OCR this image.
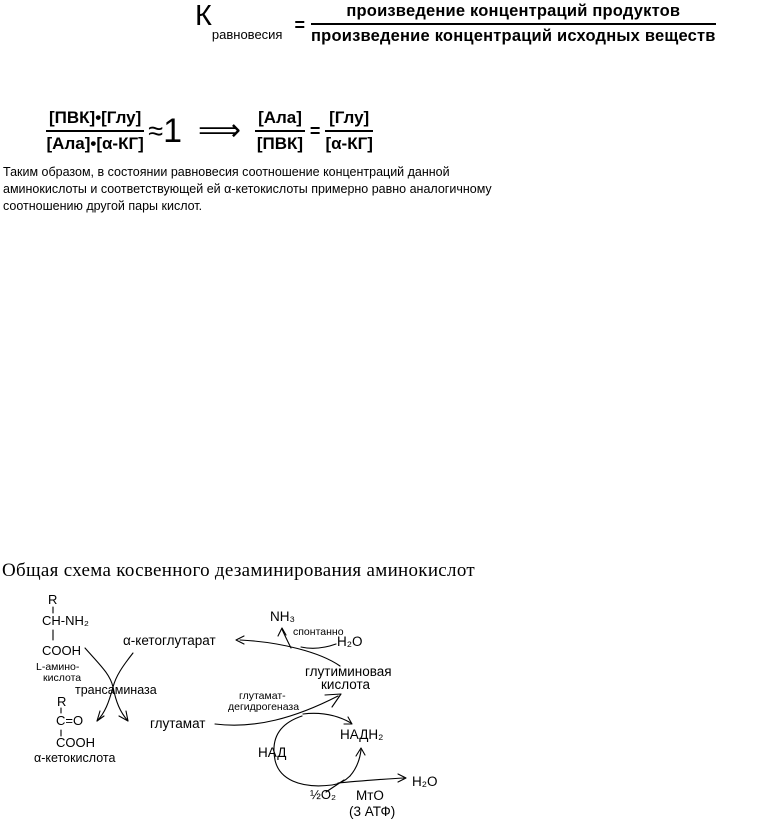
К
равновесия = $\frac{\text{произведение концентраций продуктов}}{\text{произведение концентраций исходных веществ}}$
$\frac{\text{[ПВК]•[Глу]}}{\text{[Ала]•[α-КГ]}} \approx 1$ ⟹ $\frac{\text{[Ала]}}{\text{[ПВК]}} = \frac{\text{[Глу]}}{[\alpha-КГ]}$
Таким образом, в состоянии равновесия соотношение концентраций данной
аминокислоты и соответствующей ей α-кетокислоты примерно равно аналогичному
соотношению другой пары кислот.
Общая схема косвенного дезаминирования аминокислот
R
CH-NH₂
COOH
L-амино-
кислота
трансаминаза
R
C=O
COOH
α-кетокислота
α-кетоглутарат
NH₃
спонтанно
H₂O
глутиминовая
кислота
глутамат-
дегидрогеназа
глутамат
НАДН₂
НАД
½O₂ МтО
(3 АТФ)
H₂O
